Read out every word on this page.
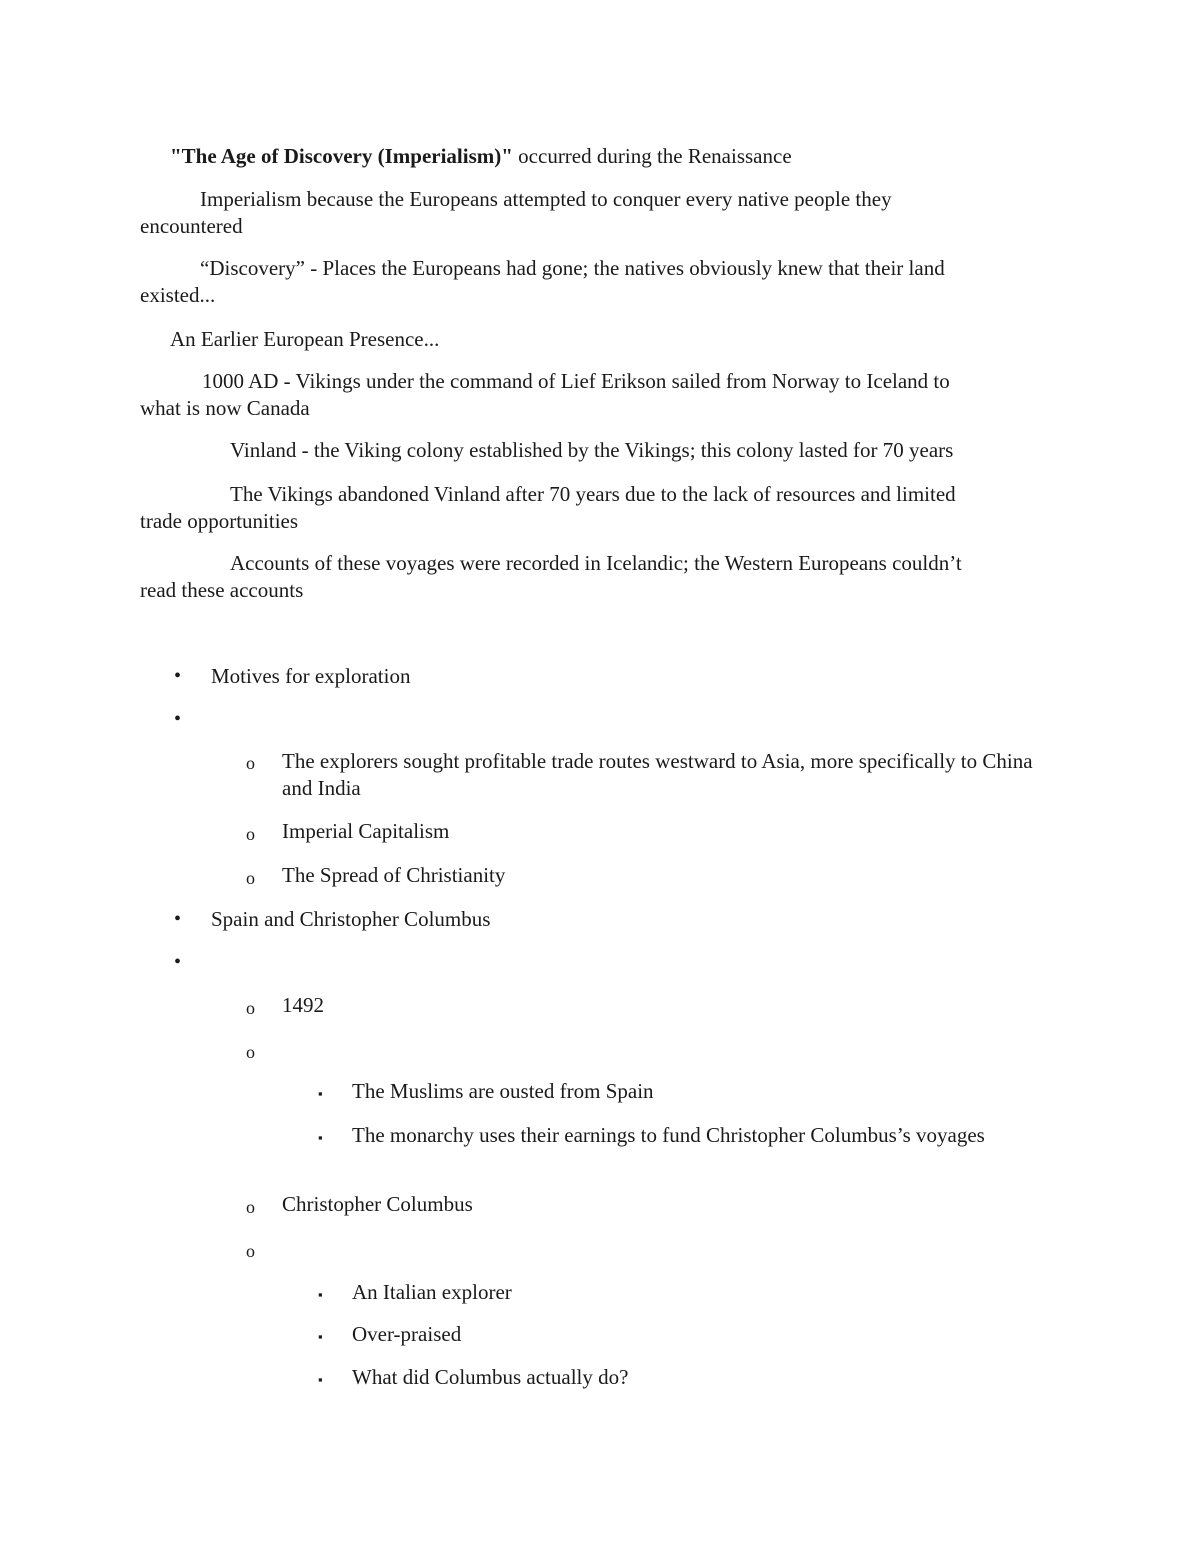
"The Age of Discovery (Imperialism)" occurred during the Renaissance

Imperialism because the Europeans attempted to conquer every native people they

encountered

“Discovery” - Places the Europeans had gone; the natives obviously knew that their land

existed...

An Earlier European Presence...

1000 AD - Vikings under the command of Lief Erikson sailed from Norway to Iceland to

what is now Canada

Vinland - the Viking colony established by the Vikings; this colony lasted for 70 years

The Vikings abandoned Vinland after 70 years due to the lack of resources and limited

trade opportunities

Accounts of these voyages were recorded in Icelandic; the Western Europeans couldn’t

read these accounts

• Motives for exploration

•
o The explorers sought profitable trade routes westward to Asia, more specifically to China and India

o Imperial Capitalism

o The Spread of Christianity

• Spain and Christopher Columbus

•
o 1492

o
▪ The Muslims are ousted from Spain

▪ The monarchy uses their earnings to fund Christopher Columbus’s voyages

o Christopher Columbus

o
▪ An Italian explorer

▪ Over-praised

▪ What did Columbus actually do?
